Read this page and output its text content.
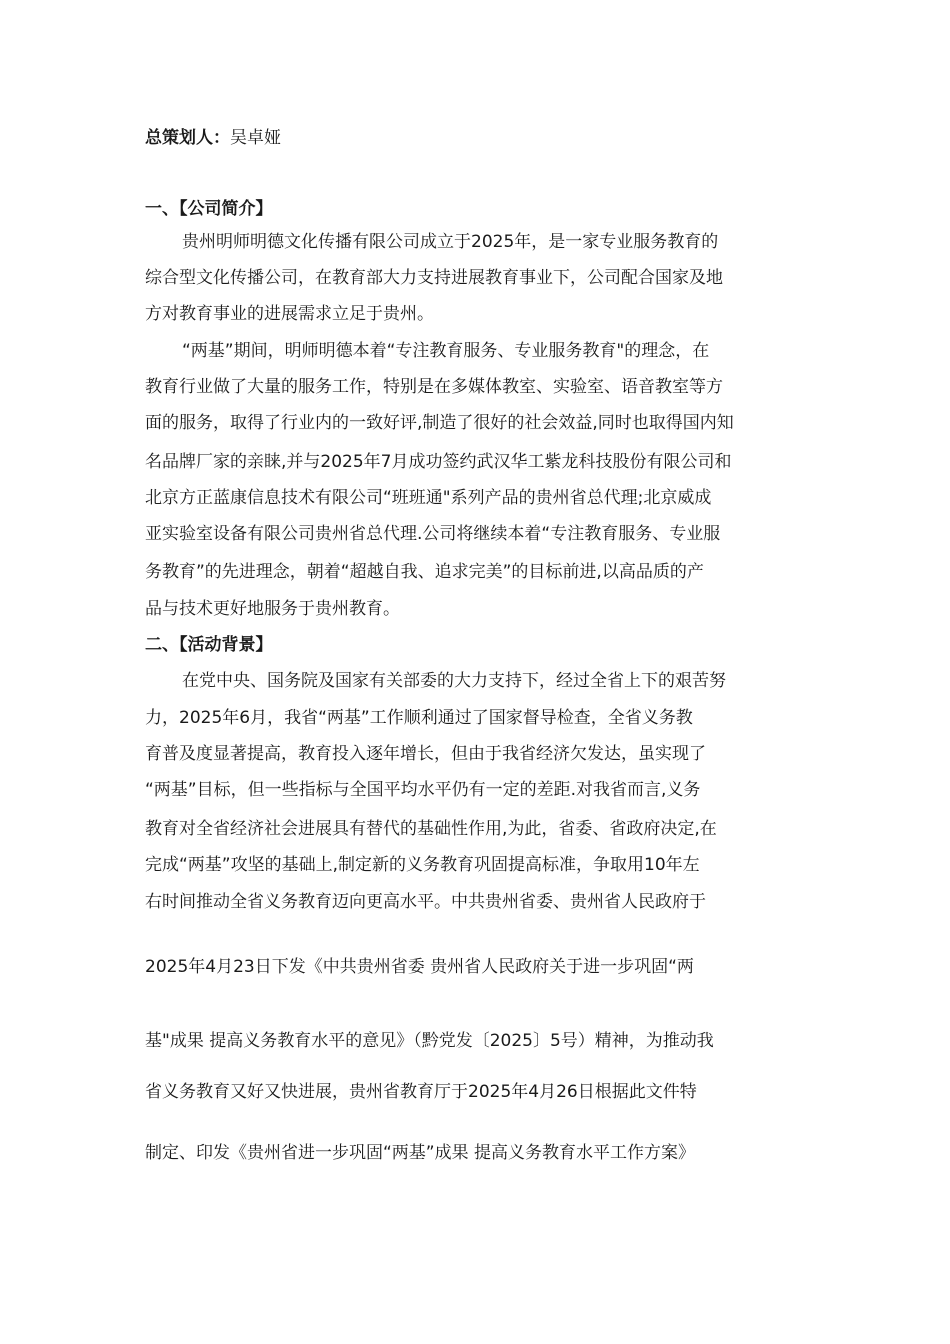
总策划人：吴卓娅
一、【公司简介】
贵州明师明德文化传播有限公司成立于2025年，是一家专业服务教育的
综合型文化传播公司，在教育部大力支持进展教育事业下，公司配合国家及地
方对教育事业的进展需求立足于贵州。
“两基”期间，明师明德本着“专注教育服务、专业服务教育"的理念，在
教育行业做了大量的服务工作，特别是在多媒体教室、实验室、语音教室等方
面的服务，取得了行业内的一致好评,制造了很好的社会效益,同时也取得国内知
名品牌厂家的亲睐,并与2025年7月成功签约武汉华工紫龙科技股份有限公司和
北京方正蓝康信息技术有限公司“班班通"系列产品的贵州省总代理;北京威成
亚实验室设备有限公司贵州省总代理.公司将继续本着“专注教育服务、专业服
务教育”的先进理念，朝着“超越自我、追求完美”的目标前进,以高品质的产
品与技术更好地服务于贵州教育。
二、【活动背景】
在党中央、国务院及国家有关部委的大力支持下，经过全省上下的艰苦努
力，2025年6月，我省“两基”工作顺利通过了国家督导检查，全省义务教
育普及度显著提高，教育投入逐年增长，但由于我省经济欠发达，虽实现了
“两基”目标，但一些指标与全国平均水平仍有一定的差距.对我省而言,义务
教育对全省经济社会进展具有替代的基础性作用,为此，省委、省政府决定,在
完成“两基”攻坚的基础上,制定新的义务教育巩固提高标准，争取用10年左
右时间推动全省义务教育迈向更高水平。中共贵州省委、贵州省人民政府于
2025年4月23日下发《中共贵州省委 贵州省人民政府关于进一步巩固“两
基"成果 提高义务教育水平的意见》（黔党发〔2025〕5号）精神，为推动我
省义务教育又好又快进展，贵州省教育厅于2025年4月26日根据此文件特
制定、印发《贵州省进一步巩固“两基”成果 提高义务教育水平工作方案》
